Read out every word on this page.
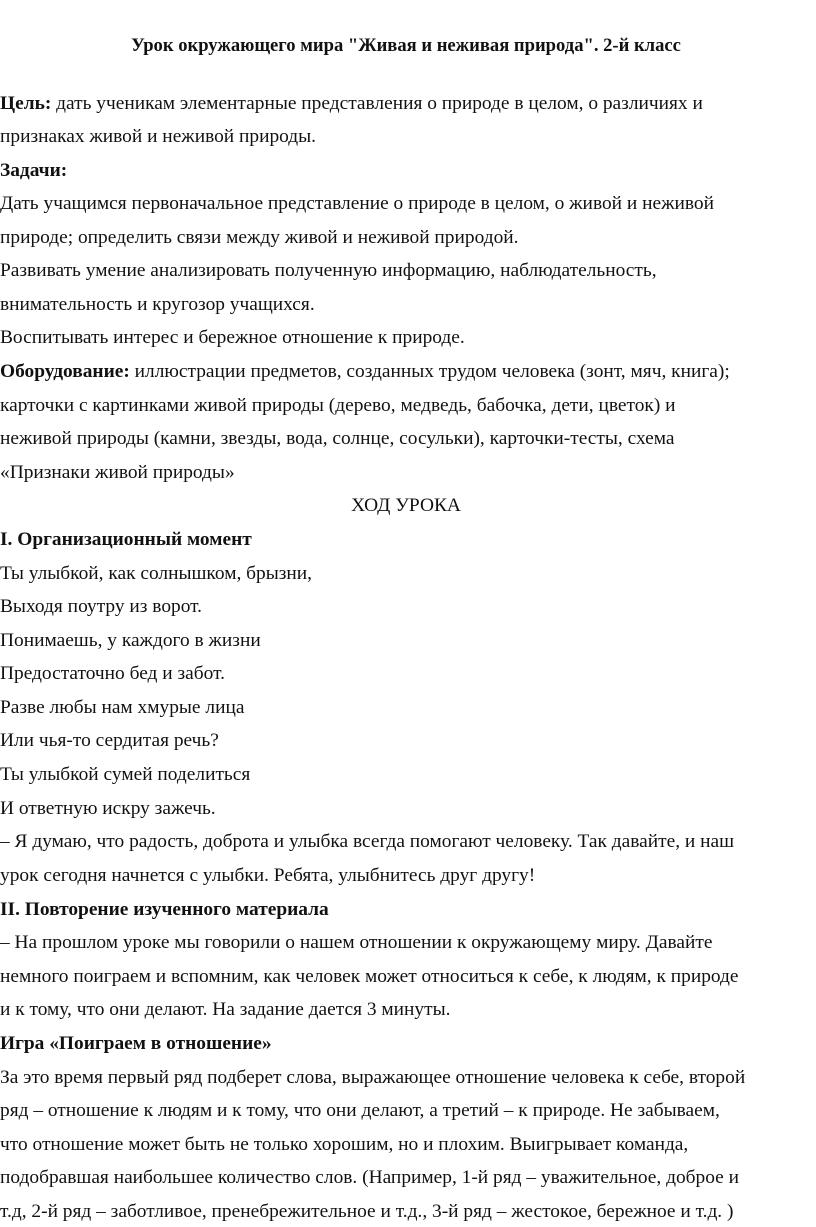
Урок окружающего мира "Живая и неживая природа". 2-й класс
Цель: дать ученикам элементарные представления о природе в целом, о различиях и
признаках живой и неживой природы.
Задачи:
Дать учащимся первоначальное представление о природе в целом, о живой и неживой
природе; определить связи между живой и неживой природой.
Развивать умение анализировать полученную информацию, наблюдательность,
внимательность и кругозор учащихся.
Воспитывать интерес и бережное отношение к природе.
Оборудование: иллюстрации предметов, созданных трудом человека (зонт, мяч, книга);
карточки с картинками живой природы (дерево, медведь, бабочка, дети, цветок) и
неживой природы (камни, звезды, вода, солнце, сосульки), карточки-тесты, схема
«Признаки живой природы»
ХОД УРОКА
I. Организационный момент
Ты улыбкой, как солнышком, брызни,
Выходя поутру из ворот.
Понимаешь, у каждого в жизни
Предостаточно бед и забот.
Разве любы нам хмурые лица
Или чья-то сердитая речь?
Ты улыбкой сумей поделиться
И ответную искру зажечь.
– Я думаю, что радость, доброта и улыбка всегда помогают человеку. Так давайте, и наш
урок сегодня начнется с улыбки. Ребята, улыбнитесь друг другу!
II. Повторение изученного материала
– На прошлом уроке мы говорили о нашем отношении к окружающему миру. Давайте
немного поиграем и вспомним, как человек может относиться к себе, к людям, к природе
и к тому, что они делают. На задание дается 3 минуты.
Игра «Поиграем в отношение»
За это время первый ряд подберет слова, выражающее отношение человека к себе, второй
ряд – отношение к людям и к тому, что они делают, а третий – к природе. Не забываем,
что отношение может быть не только хорошим, но и плохим. Выигрывает команда,
подобравшая наибольшее количество слов. (Например, 1-й ряд – уважительное, доброе и
т.д, 2-й ряд – заботливое, пренебрежительное и т.д., 3-й ряд – жестокое, бережное и т.д. )
